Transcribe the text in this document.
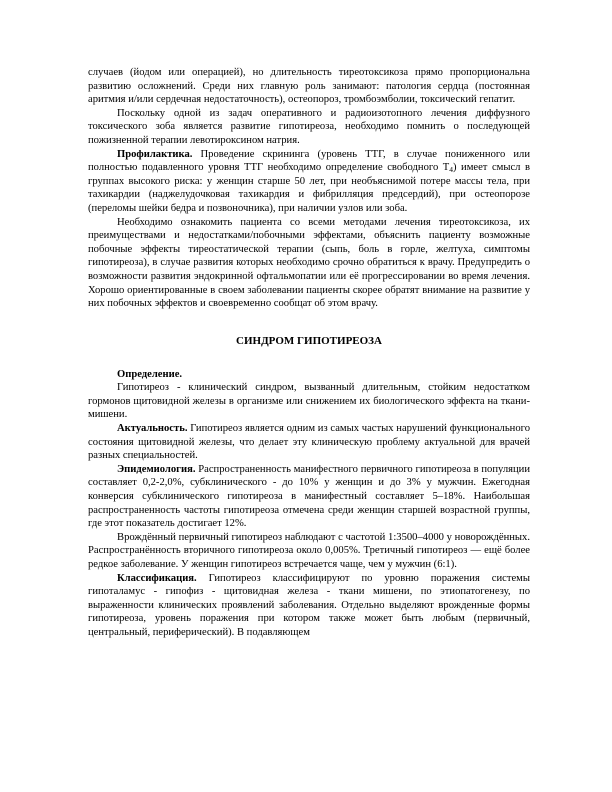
случаев (йодом или операцией), но длительность тиреотоксикоза прямо пропорциональна развитию осложнений. Среди них главную роль занимают: патология сердца (постоянная аритмия и/или сердечная недостаточность), остеопороз, тромбоэмболии, токсический гепатит.

Поскольку одной из задач оперативного и радиоизотопного лечения диффузного токсического зоба является развитие гипотиреоза, необходимо помнить о последующей пожизненной терапии левотироксином натрия.

Профилактика. Проведение скрининга (уровень ТТГ, в случае пониженного или полностью подавленного уровня ТТГ необходимо определение свободного $Т_4$) имеет смысл в группах высокого риска: у женщин старше 50 лет, при необъяснимой потере массы тела, при тахикардии (наджелудочковая тахикардия и фибрилляция предсердий), при остеопорозе (переломы шейки бедра и позвоночника), при наличии узлов или зоба.

Необходимо ознакомить пациента со всеми методами лечения тиреотоксикоза, их преимуществами и недостатками/побочными эффектами, объяснить пациенту возможные побочные эффекты тиреостатической терапии (сыпь, боль в горле, желтуха, симптомы гипотиреоза), в случае развития которых необходимо срочно обратиться к врачу. Предупредить о возможности развития эндокринной офтальмопатии или её прогрессировании во время лечения. Хорошо ориентированные в своем заболевании пациенты скорее обратят внимание на развитие у них побочных эффектов и своевременно сообщат об этом врачу.

СИНДРОМ ГИПОТИРЕОЗА

Определение.

Гипотиреоз - клинический синдром, вызванный длительным, стойким недостатком гормонов щитовидной железы в организме или снижением их биологического эффекта на ткани-мишени.

Актуальность. Гипотиреоз является одним из самых частых нарушений функционального состояния щитовидной железы, что делает эту клиническую проблему актуальной для врачей разных специальностей.

Эпидемиология. Распространенность манифестного первичного гипотиреоза в популяции составляет 0,2-2,0%, субклинического - до 10% у женщин и до 3% у мужчин. Ежегодная конверсия субклинического гипотиреоза в манифестный составляет 5–18%. Наибольшая распространенность частоты гипотиреоза отмечена среди женщин старшей возрастной группы, где этот показатель достигает 12%.

Врождённый первичный гипотиреоз наблюдают с частотой 1:3500–4000 у новорождённых. Распространённость вторичного гипотиреоза около 0,005%. Третичный гипотиреоз — ещё более редкое заболевание. У женщин гипотиреоз встречается чаще, чем у мужчин (6:1).

Классификация. Гипотиреоз классифицируют по уровню поражения системы гипоталамус - гипофиз - щитовидная железа - ткани мишени, по этиопатогенезу, по выраженности клинических проявлений заболевания. Отдельно выделяют врожденные формы гипотиреоза, уровень поражения при котором также может быть любым (первичный, центральный, периферический). В подавляющем
